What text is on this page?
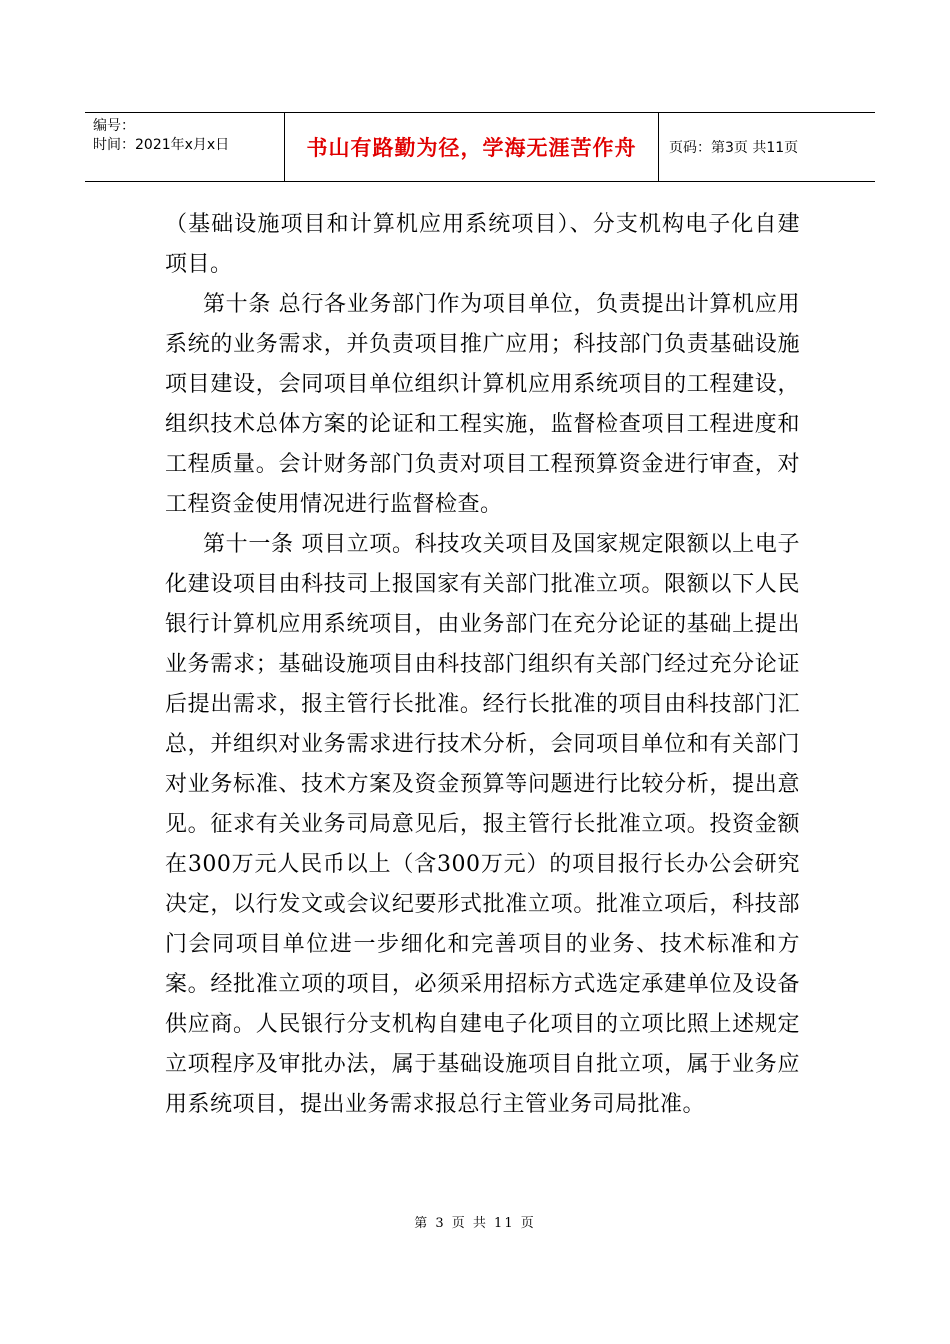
编号：
时间：2021年x月x日	书山有路勤为径，学海无涯苦作舟	页码：第3页 共11页

（基础设施项目和计算机应用系统项目）、分支机构电子化自建项目。

第十条 总行各业务部门作为项目单位，负责提出计算机应用系统的业务需求，并负责项目推广应用；科技部门负责基础设施项目建设，会同项目单位组织计算机应用系统项目的工程建设，组织技术总体方案的论证和工程实施，监督检查项目工程进度和工程质量。会计财务部门负责对项目工程预算资金进行审查，对工程资金使用情况进行监督检查。

第十一条 项目立项。科技攻关项目及国家规定限额以上电子化建设项目由科技司上报国家有关部门批准立项。限额以下人民银行计算机应用系统项目，由业务部门在充分论证的基础上提出业务需求；基础设施项目由科技部门组织有关部门经过充分论证后提出需求，报主管行长批准。经行长批准的项目由科技部门汇总，并组织对业务需求进行技术分析，会同项目单位和有关部门对业务标准、技术方案及资金预算等问题进行比较分析，提出意见。征求有关业务司局意见后，报主管行长批准立项。投资金额在300万元人民币以上（含300万元）的项目报行长办公会研究决定，以行发文或会议纪要形式批准立项。批准立项后，科技部门会同项目单位进一步细化和完善项目的业务、技术标准和方案。经批准立项的项目，必须采用招标方式选定承建单位及设备供应商。人民银行分支机构自建电子化项目的立项比照上述规定立项程序及审批办法，属于基础设施项目自批立项，属于业务应用系统项目，提出业务需求报总行主管业务司局批准。

第 3 页 共 11 页
